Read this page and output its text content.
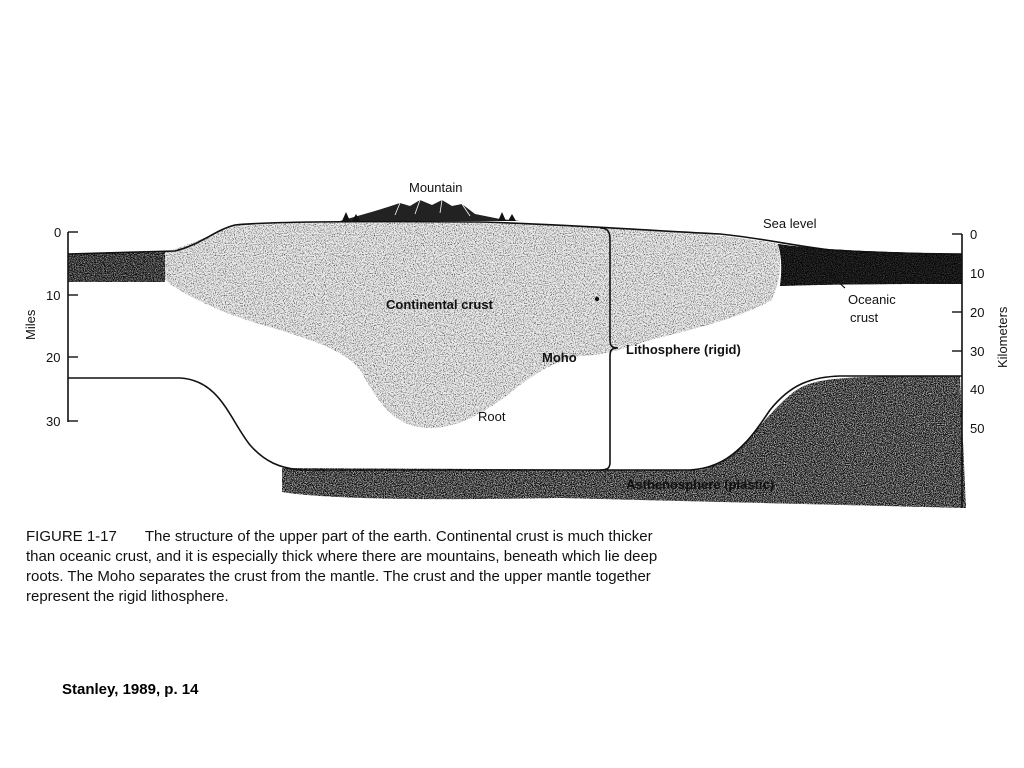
Mountain
Sea level
Continental crust	Oceanic
crust
Moho
Lithosphere (rigid)
Root
Asthenosphere (plastic)
0
10
20
30
Miles
0
10
20
30
40
50
Kilometers
FIGURE 1-17 The structure of the upper part of the earth. Continental crust is much thicker than oceanic crust, and it is especially thick where there are mountains, beneath which lie deep roots. The Moho separates the crust from the mantle. The crust and the upper mantle together represent the rigid lithosphere.
Stanley, 1989, p. 14
